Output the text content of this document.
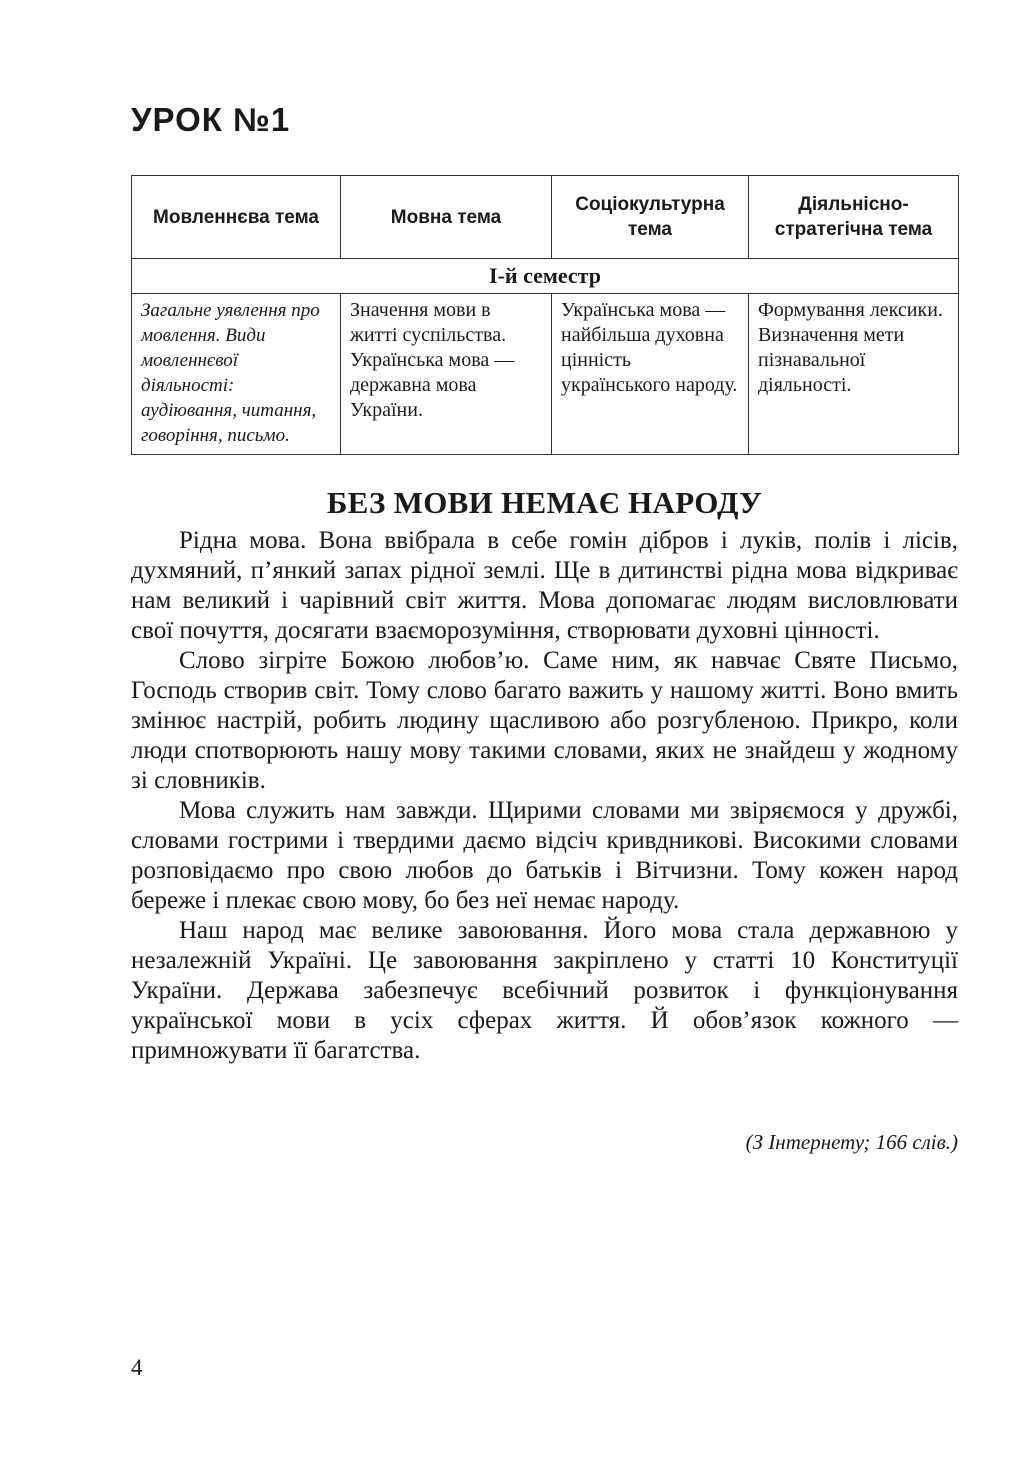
УРОК №1
Мовленнєва тема	Мовна тема	Соціокультурна тема	Діяльнісно-стратегічна тема
І-й семестр			
Загальне уявлення про мовлення. Види мовленнєвої діяльності: аудіювання, читання, говоріння, письмо.	Значення мови в житті суспільства. Українська мова — державна мова України.	Українська мова — найбільша духовна цінність українського народу.	Формування лексики. Визначення мети пізнавальної діяльності.
БЕЗ МОВИ НЕМАЄ НАРОДУ

Рідна мова. Вона ввібрала в себе гомін дібров і луків, полів і лісів, духмяний, п’янкий запах рідної землі. Ще в дитинстві рідна мова відкриває нам великий і чарівний світ життя. Мова допомагає людям висловлювати свої почуття, досягати взаєморозуміння, створювати духовні цінності.

Слово зігріте Божою любов’ю. Саме ним, як навчає Святе Письмо, Господь створив світ. Тому слово багато важить у нашому житті. Воно вмить змінює настрій, робить людину щасливою або розгубленою. Прикро, коли люди спотворюють нашу мову такими словами, яких не знайдеш у жодному зі словників.

Мова служить нам завжди. Щирими словами ми звіряємося у дружбі, словами гострими і твердими даємо відсіч кривдникові. Високими словами розповідаємо про свою любов до батьків і Вітчизни. Тому кожен народ береже і плекає свою мову, бо без неї немає народу.

Наш народ має велике завоювання. Його мова стала державною у незалежній Україні. Це завоювання закріплено у статті 10 Конституції України. Держава забезпечує всебічний розвиток і функціонування української мови в усіх сферах життя. Й обов’язок кожного — примножувати її багатства.

(З Інтернету; 166 слів.)
4
